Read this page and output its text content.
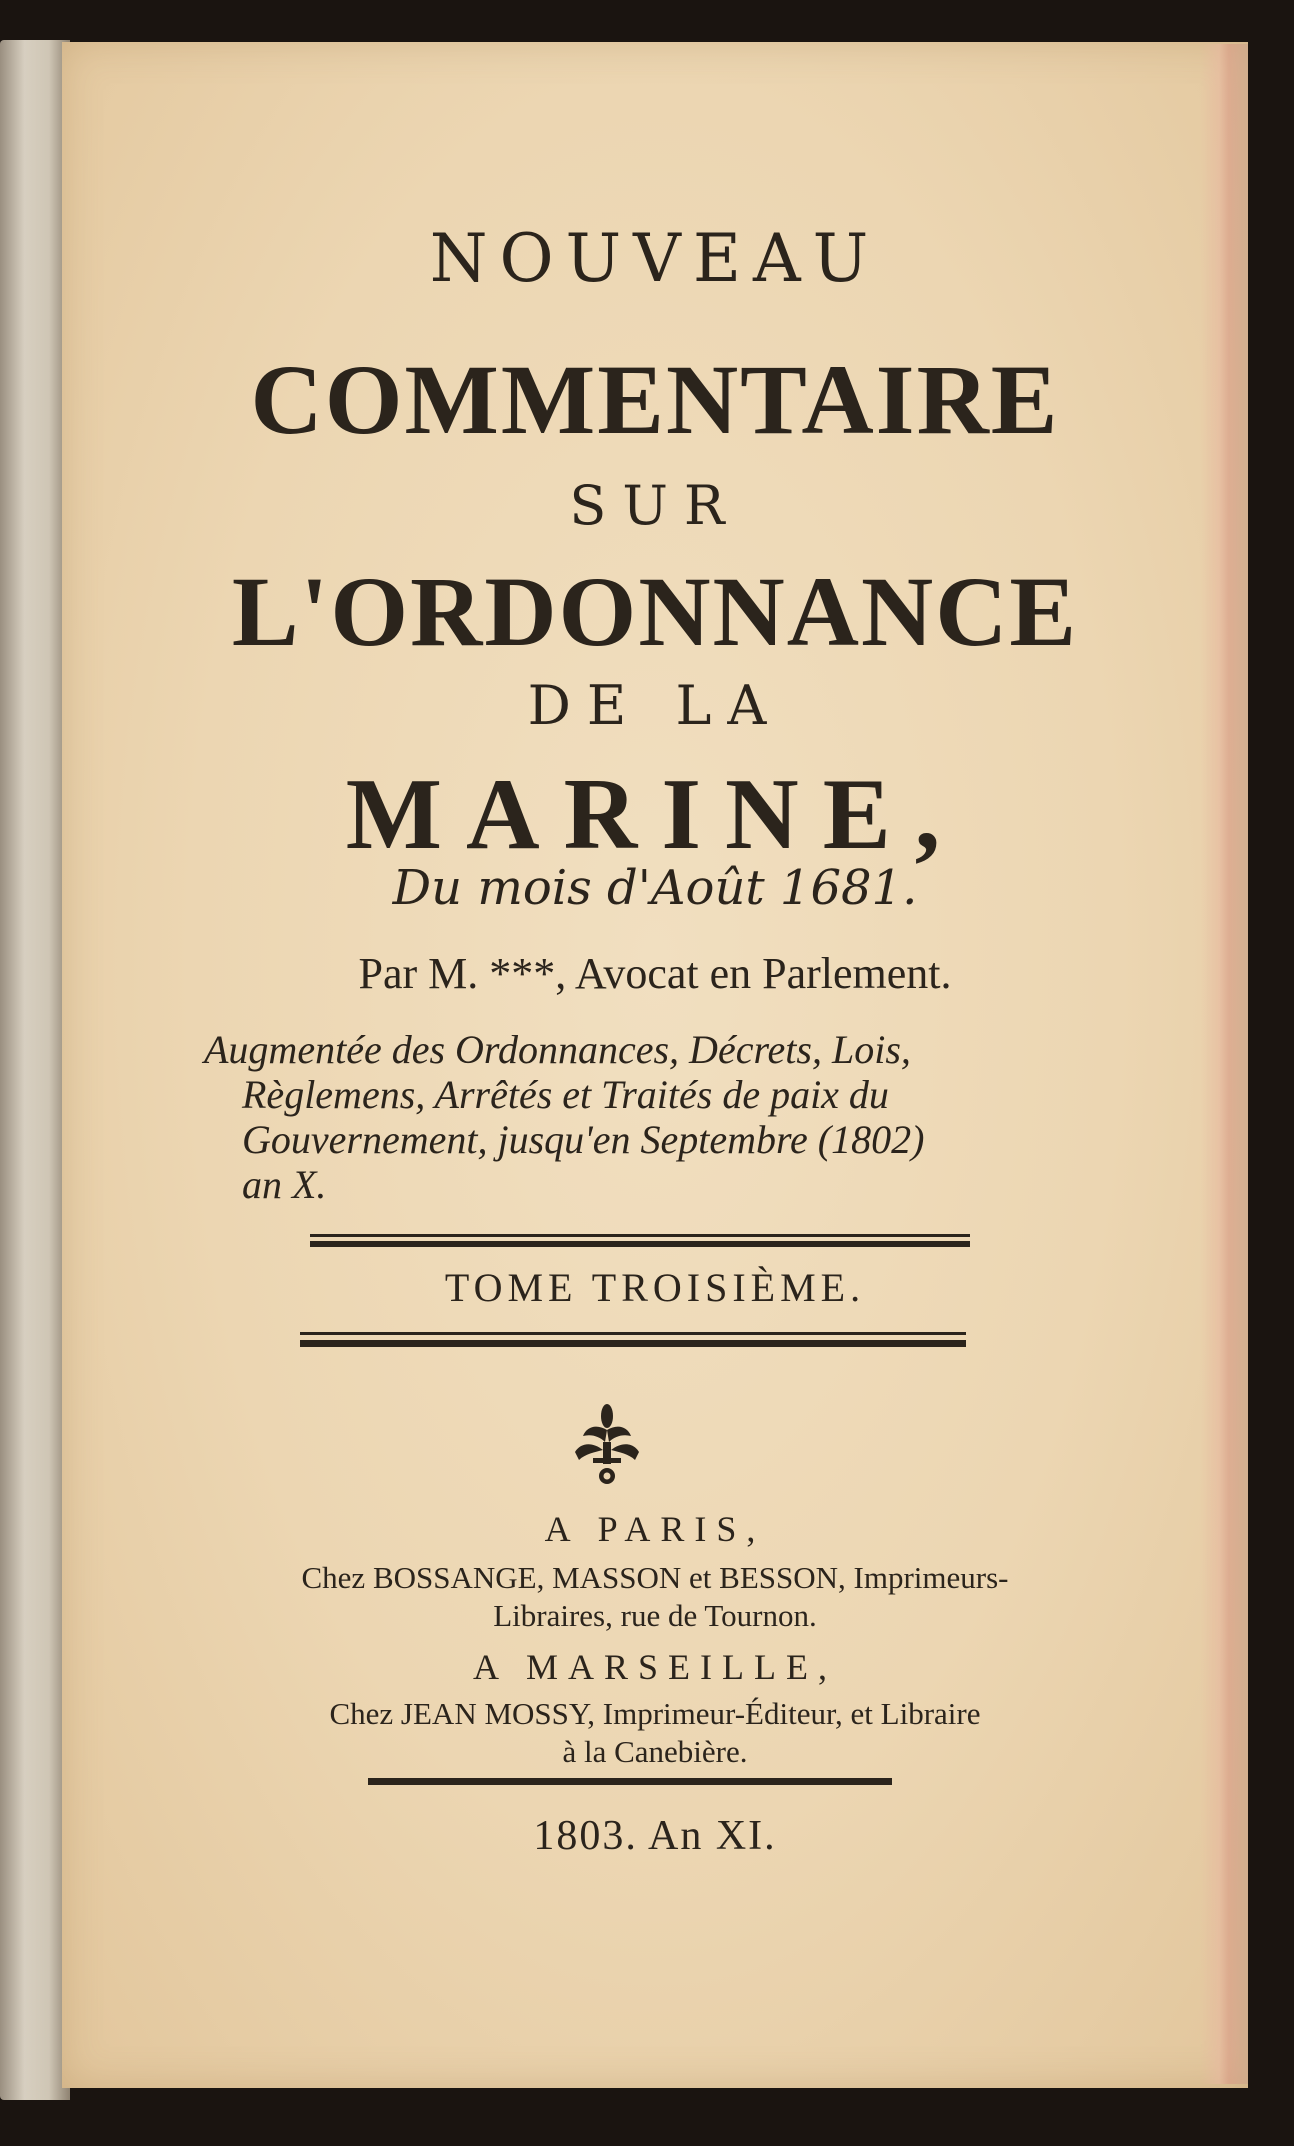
NOUVEAU
COMMENTAIRE
SUR
L'ORDONNANCE
DE LA
MARINE,
Du mois d'Août 1681.
Par M. ***, Avocat en Parlement.
Augmentée des Ordonnances, Décrets, Lois,
Règlemens, Arrêtés et Traités de paix du
Gouvernement, jusqu'en Septembre (1802)
an X.
TOME TROISIÈME.
A PARIS,
Chez BOSSANGE, MASSON et BESSON, Imprimeurs-
Libraires, rue de Tournon.
A MARSEILLE,
Chez JEAN MOSSY, Imprimeur-Éditeur, et Libraire
à la Canebière.
1803. An XI.
